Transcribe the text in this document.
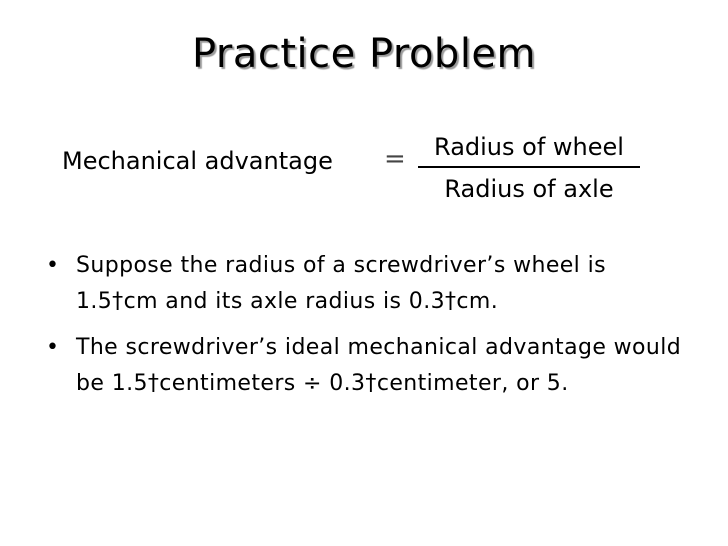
Practice Problem
Mechanical advantage =	Radius of wheel
Radius of axle
• Suppose the radius of a screwdriver’s wheel is 1.5†cm and its axle radius is 0.3†cm.
• The screwdriver’s ideal mechanical advantage would be 1.5†centimeters ÷ 0.3†centimeter, or 5.
